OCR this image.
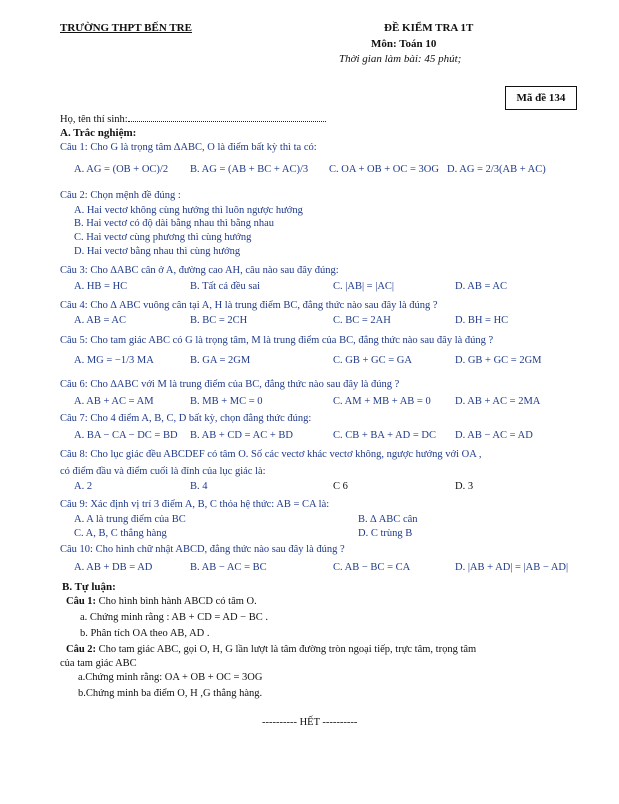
TRƯỜNG THPT BẾN TRE	ĐỀ KIỂM TRA 1T
Môn: Toán 10
Thời gian làm bài: 45 phút;
Mã đề 134
Họ, tên thí sinh:
A. Trắc nghiệm:
Câu 1: Cho G là trọng tâm ∆ABC, O là điểm bất kỳ thì ta có:
A. AG = (OB + OC)/2 B. AG = (AB + BC + AC)/3 C. OA + OB + OC = 3OG D. AG = 2/3(AB + AC)
Câu 2: Chọn mệnh đề đúng :
A. Hai vectơ không cùng hướng thì luôn ngược hướng
B. Hai vectơ có độ dài bằng nhau thì bằng nhau
C. Hai vectơ cùng phương thì cùng hướng
D. Hai vectơ bằng nhau thì cùng hướng
Câu 3: Cho ∆ABC cân ở A, đường cao AH, câu nào sau đây đúng:
A. HB = HC	B. Tất cả đều sai	C. |AB| = |AC|	D. AB = AC
Câu 4: Cho ∆ ABC vuông cân tại A, H là trung điểm BC, đẳng thức nào sau đây là đúng ?
A. AB = AC	B. BC = 2CH	C. BC = 2AH	D. BH = HC
Câu 5: Cho tam giác ABC có G là trọng tâm, M là trung điểm của BC, đẳng thức nào sau đây là đúng ?
A. MG = −1/3 MA	B. GA = 2GM	C. GB + GC = GA	D. GB + GC = 2GM
Câu 6: Cho ∆ABC với M là trung điểm của BC, đẳng thức nào sau đây là đúng ?
A. AB + AC = AM	B. MB + MC = 0	C. AM + MB + AB = 0 D. AB + AC = 2MA
Câu 7: Cho 4 điểm A, B, C, D bất kỳ, chọn đẳng thức đúng:
A. BA − CA − DC = BD B. AB + CD = AC + BD	C. CB + BA + AD = DC D. AB − AC = AD
Câu 8: Cho lục giác đều ABCDEF có tâm O. Số các vectơ khác vectơ không, ngược hướng với OA ,
có điểm đầu và điểm cuối là đỉnh của lục giác là:
A. 2	B. 4	C 6	D. 3
Câu 9: Xác định vị trí 3 điểm A, B, C thỏa hệ thức: AB = CA là:
A. A là trung điểm của BC	B. ∆ ABC cân
C. A, B, C thẳng hàng	D. C trùng B
Câu 10: Cho hình chữ nhật ABCD, đẳng thức nào sau đây là đúng ?
A. AB + DB = AD	B. AB − AC = BC	C. AB − BC = CA	D. |AB + AD| = |AB − AD|
B. Tự luận:
Câu 1: Cho hình bình hành ABCD có tâm O.
a. Chứng minh rằng : AB + CD = AD − BC .
b. Phân tích OA theo AB, AD .
Câu 2: Cho tam giác ABC, gọi O, H, G lần lượt là tâm đường tròn ngoại tiếp, trực tâm, trọng tâm
của tam giác ABC
a.Chứng minh rằng: OA + OB + OC = 3OG
b.Chứng minh ba điểm O, H ,G thẳng hàng.
---------- HẾT ----------
